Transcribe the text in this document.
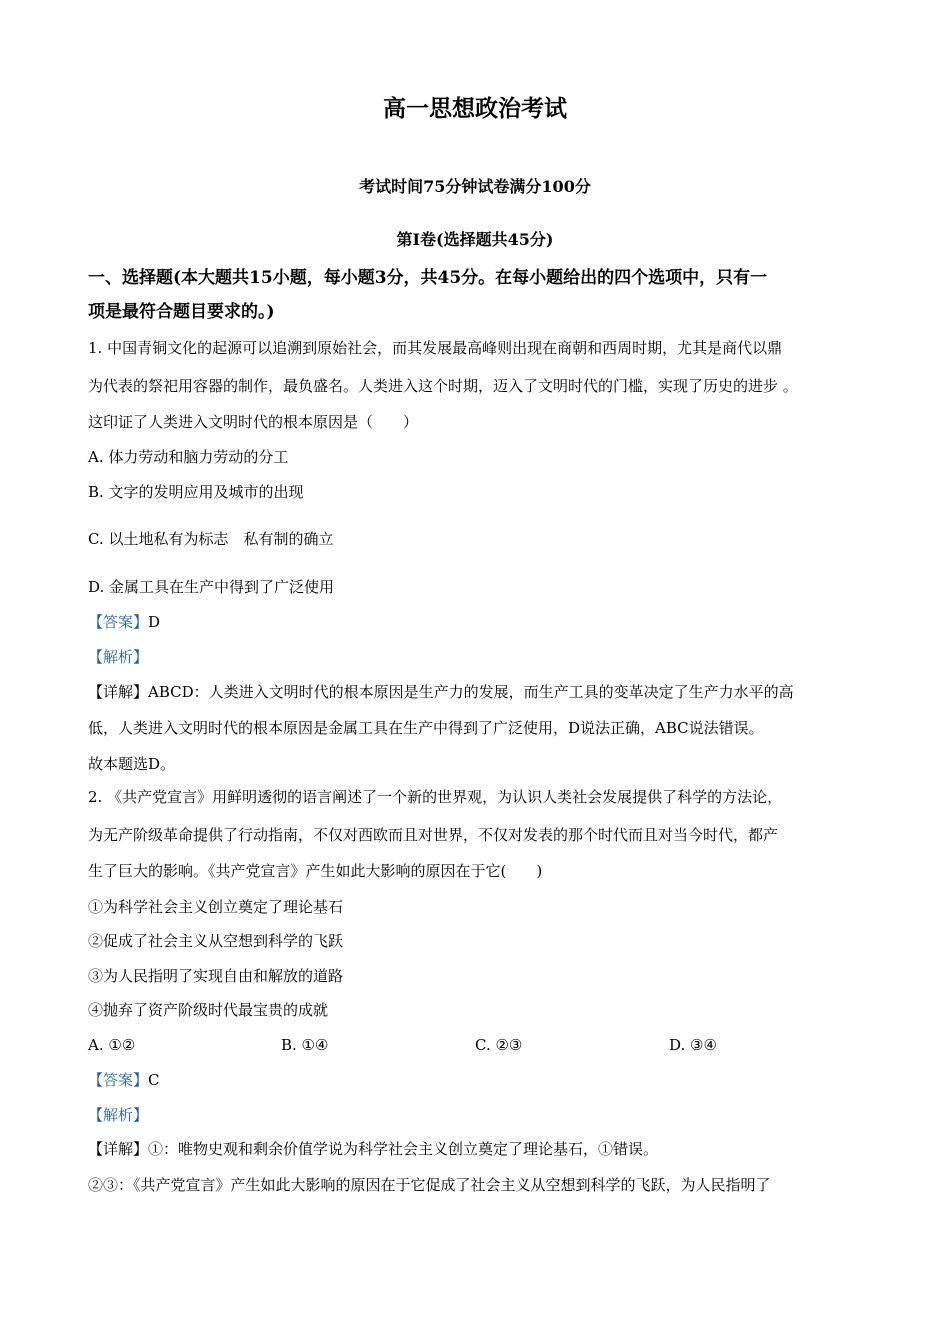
高一思想政治考试
考试时间75分钟试卷满分100分
第Ⅰ卷(选择题共45分)
一、选择题(本大题共15小题，每小题3分，共45分。在每小题给出的四个选项中，只有一
项是最符合题目要求的。)
1. 中国青铜文化的起源可以追溯到原始社会，而其发展最高峰则出现在商朝和西周时期，尤其是商代以鼎
为代表的祭祀用容器的制作，最负盛名。人类进入这个时期，迈入了文明时代的门槛，实现了历史的进步 。
这印证了人类进入文明时代的根本原因是（　　）
A. 体力劳动和脑力劳动的分工
B. 文字的发明应用及城市的出现
C. 以土地私有为标志　私有制的确立
D. 金属工具在生产中得到了广泛使用
【答案】D
【解析】
【详解】ABCD：人类进入文明时代的根本原因是生产力的发展，而生产工具的变革决定了生产力水平的高
低，人类进入文明时代的根本原因是金属工具在生产中得到了广泛使用，D说法正确，ABC说法错误。
故本题选D。
2. 《共产党宣言》用鲜明透彻的语言阐述了一个新的世界观，为认识人类社会发展提供了科学的方法论，
为无产阶级革命提供了行动指南，不仅对西欧而且对世界，不仅对发表的那个时代而且对当今时代，都产
生了巨大的影响。《共产党宣言》产生如此大影响的原因在于它(　　)
①为科学社会主义创立奠定了理论基石
②促成了社会主义从空想到科学的飞跃
③为人民指明了实现自由和解放的道路
④抛弃了资产阶级时代最宝贵的成就
A. ①②	B. ①④	C. ②③	D. ③④
【答案】C
【解析】
【详解】①：唯物史观和剩余价值学说为科学社会主义创立奠定了理论基石，①错误。
②③：《共产党宣言》产生如此大影响的原因在于它促成了社会主义从空想到科学的飞跃，为人民指明了
